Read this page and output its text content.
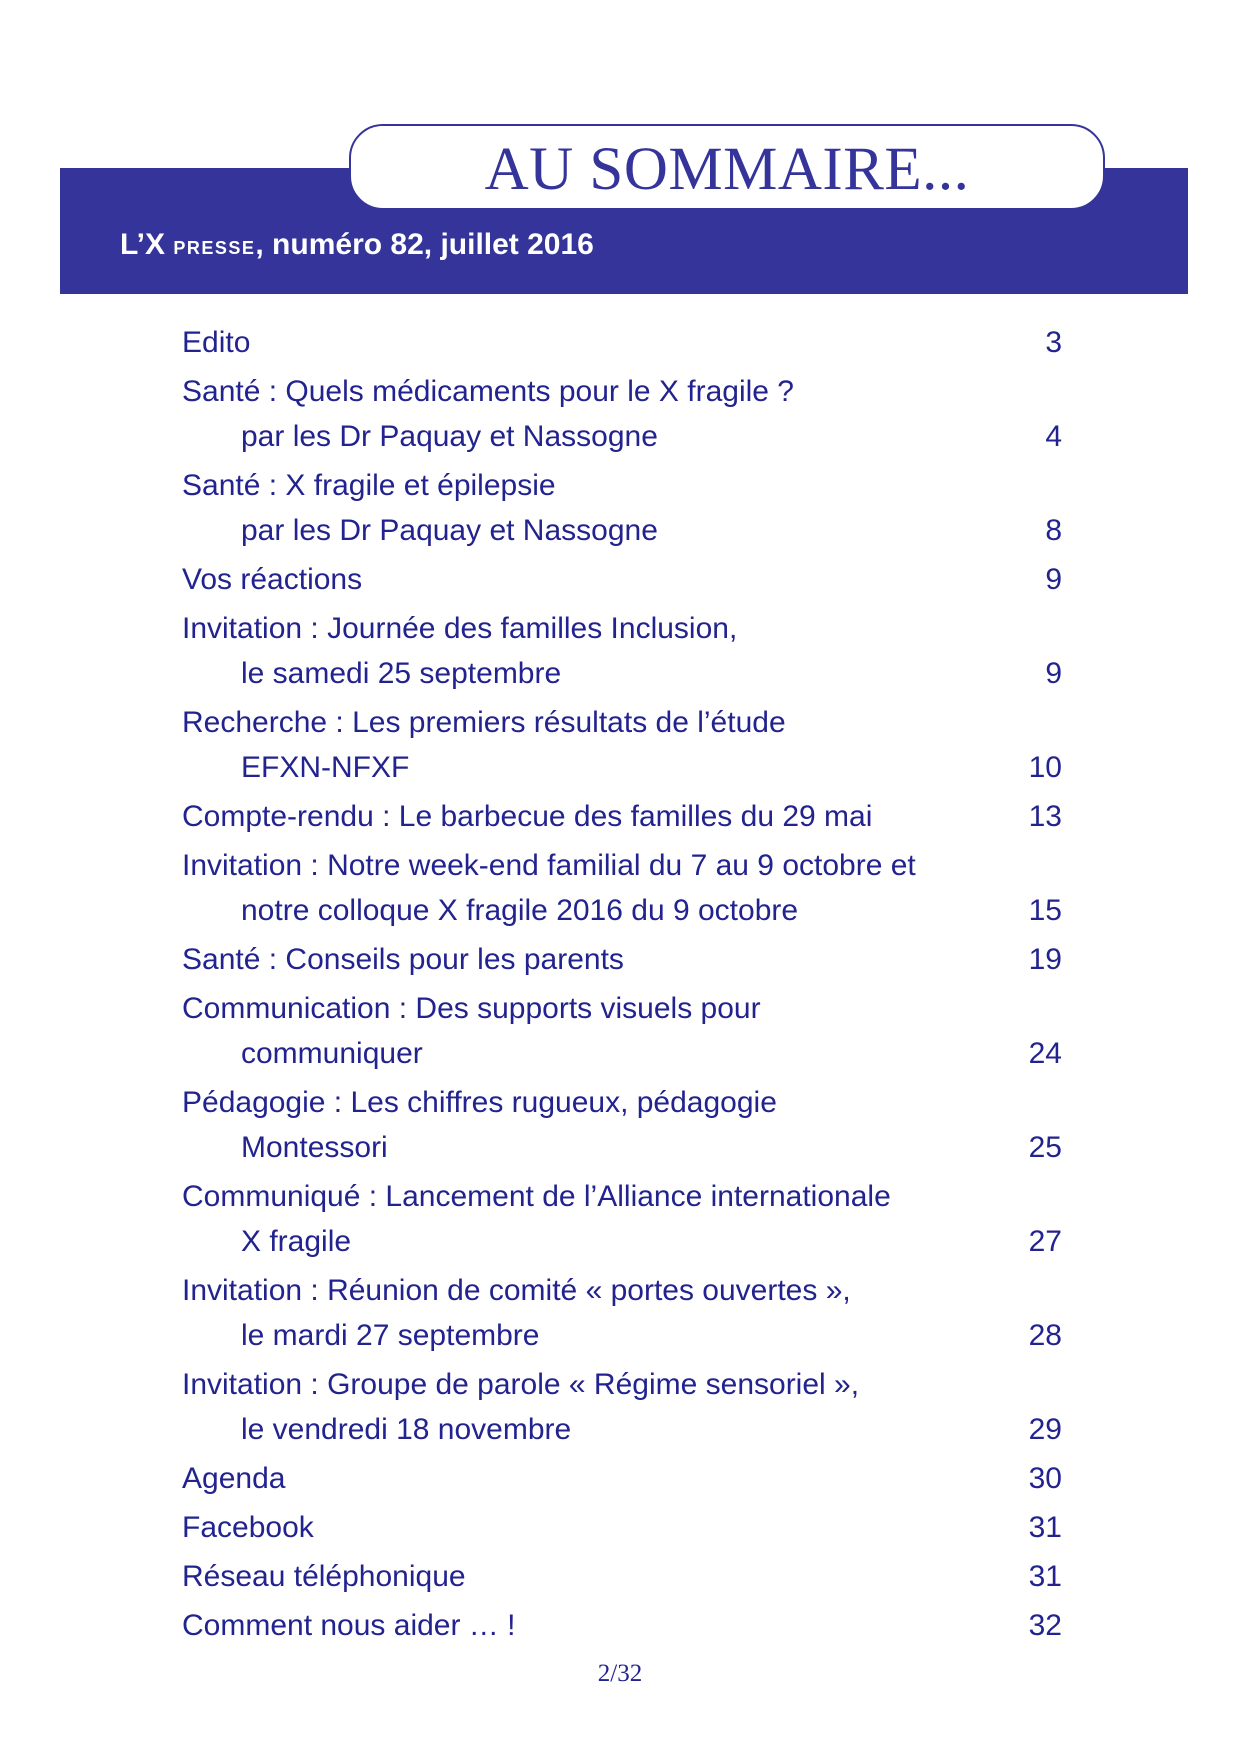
AU SOMMAIRE...
L’X presse, numéro 82, juillet 2016
Edito	3
Santé : Quels médicaments pour le X fragile ?
par les Dr Paquay et Nassogne	4
Santé : X fragile et épilepsie
par les Dr Paquay et Nassogne	8
Vos réactions	9
Invitation : Journée des familles Inclusion,
le samedi 25 septembre	9
Recherche : Les premiers résultats de l’étude
EFXN-NFXF	10
Compte-rendu : Le barbecue des familles du 29 mai	13
Invitation : Notre week-end familial du 7 au 9 octobre et
notre colloque X fragile 2016 du 9 octobre	15
Santé : Conseils pour les parents	19
Communication : Des supports visuels pour
communiquer	24
Pédagogie : Les chiffres rugueux, pédagogie
Montessori	25
Communiqué : Lancement de l’Alliance internationale
X fragile	27
Invitation : Réunion de comité « portes ouvertes »,
le mardi 27 septembre	28
Invitation : Groupe de parole « Régime sensoriel »,
le vendredi 18 novembre	29
Agenda	30
Facebook	31
Réseau téléphonique	31
Comment nous aider … !	32
2/32
